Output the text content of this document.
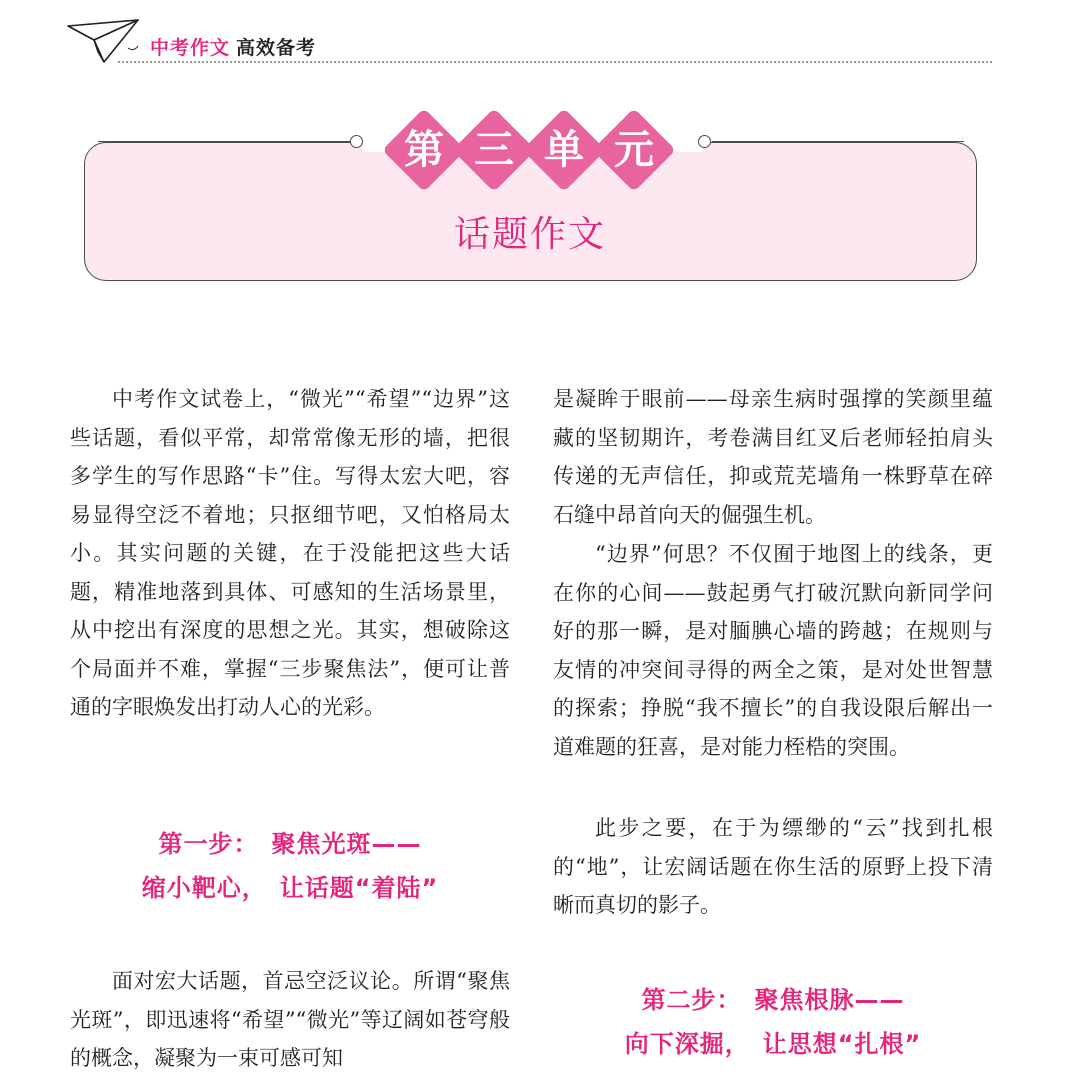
中考作文 高效备考
第 三 单 元
话题作文

中考作文试卷上，“微光”“希望”“边界”这些话题，看似平常，却常常像无形的墙，把很多学生的写作思路“卡”住。写得太宏大吧，容易显得空泛不着地；只抠细节吧，又怕格局太小。其实问题的关键，在于没能把这些大话题，精准地落到具体、可感知的生活场景里，从中挖出有深度的思想之光。其实，想破除这个局面并不难，掌握“三步聚焦法”，便可让普通的字眼焕发出打动人心的光彩。

第一步：　聚焦光斑——
缩小靶心，　让话题“着陆”

面对宏大话题，首忌空泛议论。所谓“聚焦光斑”，即迅速将“希望”“微光”等辽阔如苍穹般的概念，凝聚为一束可感可知

是凝眸于眼前——母亲生病时强撑的笑颜里蕴藏的坚韧期许，考卷满目红叉后老师轻拍肩头传递的无声信任，抑或荒芜墙角一株野草在碎石缝中昂首向天的倔强生机。

“边界”何思？不仅囿于地图上的线条，更在你的心间——鼓起勇气打破沉默向新同学问好的那一瞬，是对腼腆心墙的跨越；在规则与友情的冲突间寻得的两全之策，是对处世智慧的探索；挣脱“我不擅长”的自我设限后解出一道难题的狂喜，是对能力桎梏的突围。

此步之要，在于为缥缈的“云”找到扎根的“地”，让宏阔话题在你生活的原野上投下清晰而真切的影子。

第二步：　聚焦根脉——
向下深掘，　让思想“扎根”
